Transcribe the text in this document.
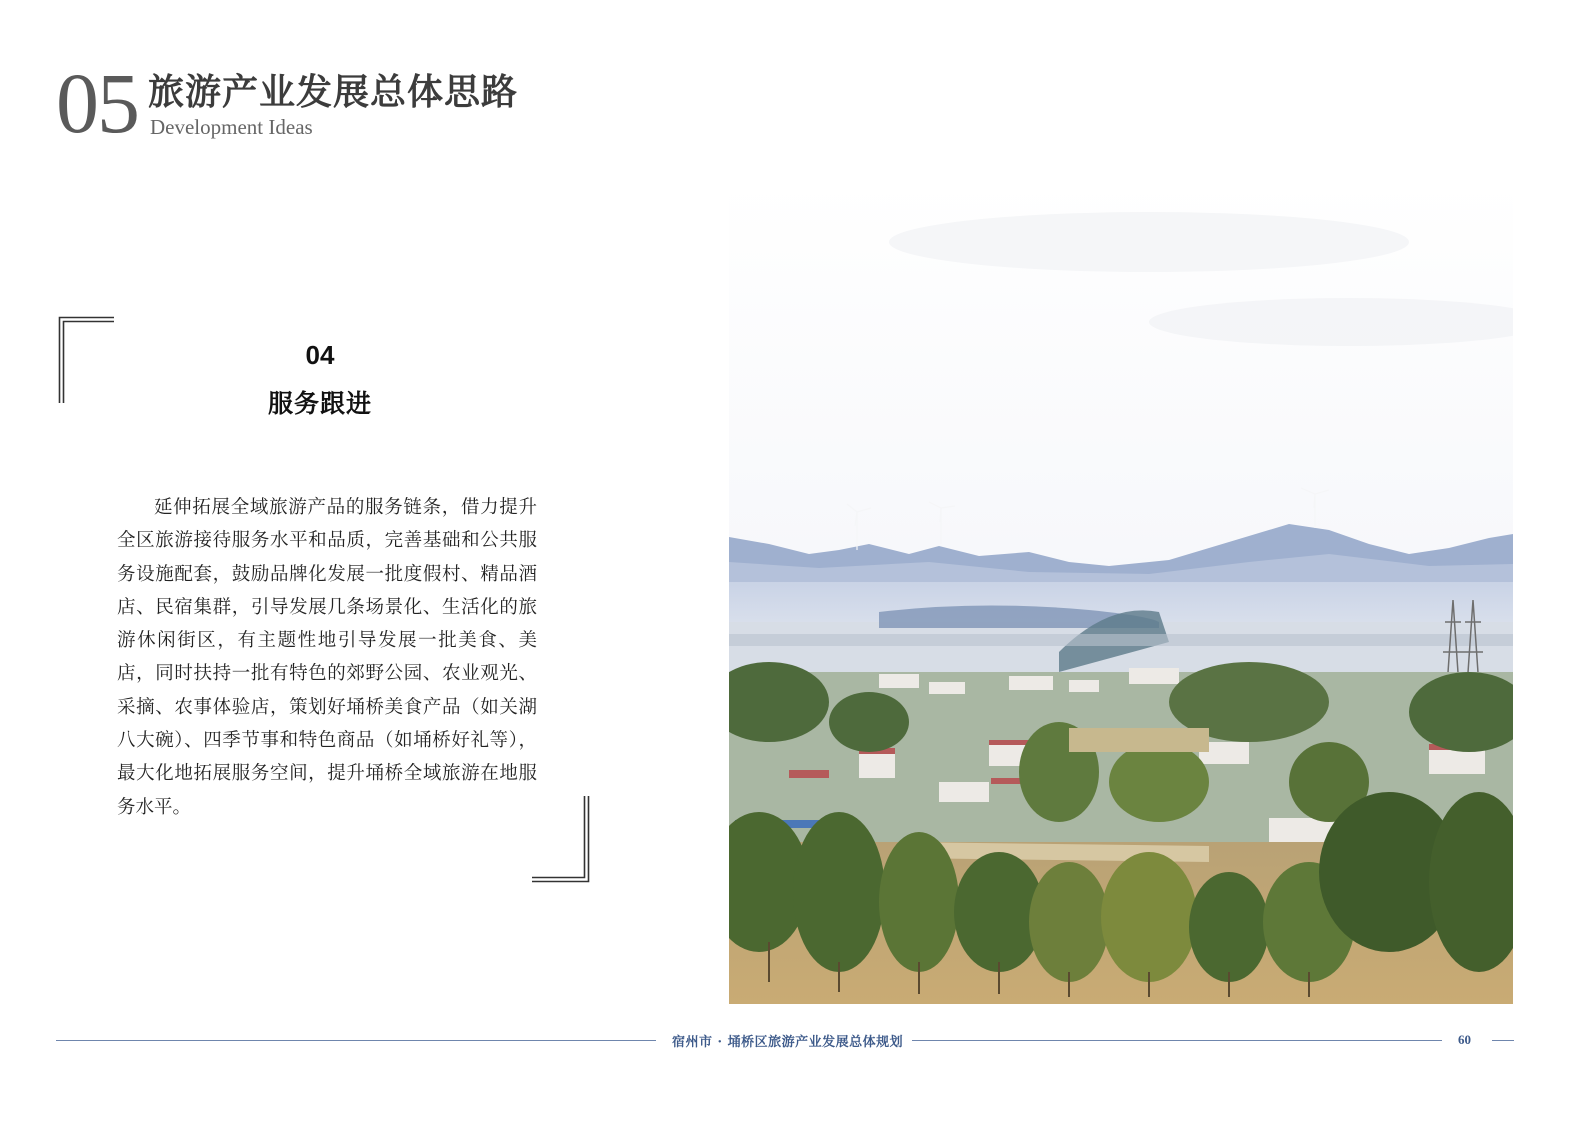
05 旅游产业发展总体思路
Development Ideas
04
服务跟进

延伸拓展全域旅游产品的服务链条，借力提升全区旅游接待服务水平和品质，完善基础和公共服务设施配套，鼓励品牌化发展一批度假村、精品酒店、民宿集群，引导发展几条场景化、生活化的旅游休闲街区，有主题性地引导发展一批美食、美店，同时扶持一批有特色的郊野公园、农业观光、采摘、农事体验店，策划好埇桥美食产品（如关湖八大碗）、四季节事和特色商品（如埇桥好礼等），最大化地拓展服务空间，提升埇桥全域旅游在地服务水平。

宿州市 · 埇桥区旅游产业发展总体规划	60
